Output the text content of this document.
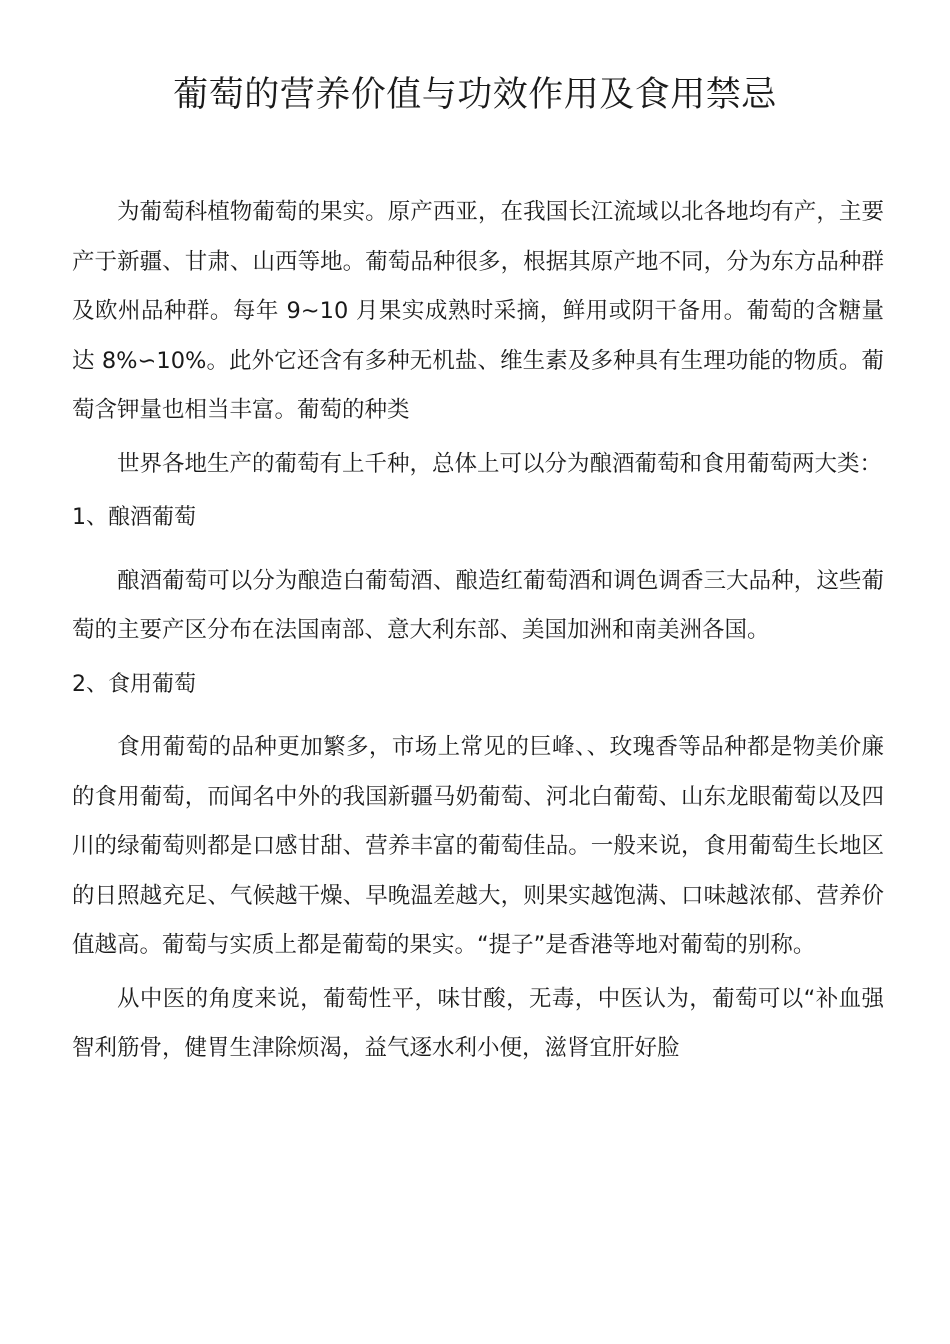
葡萄的营养价值与功效作用及食用禁忌

为葡萄科植物葡萄的果实。原产西亚，在我国长江流域以北各地均有产，主要产于新疆、甘肃、山西等地。葡萄品种很多，根据其原产地不同，分为东方品种群及欧州品种群。每年 9~10 月果实成熟时采摘，鲜用或阴干备用。葡萄的含糖量达 8%∽10%。此外它还含有多种无机盐、维生素及多种具有生理功能的物质。葡萄含钾量也相当丰富。葡萄的种类

世界各地生产的葡萄有上千种，总体上可以分为酿酒葡萄和食用葡萄两大类：

1、酿酒葡萄

酿酒葡萄可以分为酿造白葡萄酒、酿造红葡萄酒和调色调香三大品种，这些葡萄的主要产区分布在法国南部、意大利东部、美国加洲和南美洲各国。

2、食用葡萄

食用葡萄的品种更加繁多，市场上常见的巨峰、、玫瑰香等品种都是物美价廉的食用葡萄，而闻名中外的我国新疆马奶葡萄、河北白葡萄、山东龙眼葡萄以及四川的绿葡萄则都是口感甘甜、营养丰富的葡萄佳品。一般来说，食用葡萄生长地区的日照越充足、气候越干燥、早晚温差越大，则果实越饱满、口味越浓郁、营养价值越高。葡萄与实质上都是葡萄的果实。“提子”是香港等地对葡萄的别称。

从中医的角度来说，葡萄性平，味甘酸，无毒，中医认为，葡萄可以“补血强智利筋骨，健胃生津除烦渴，益气逐水利小便，滋肾宜肝好脸
